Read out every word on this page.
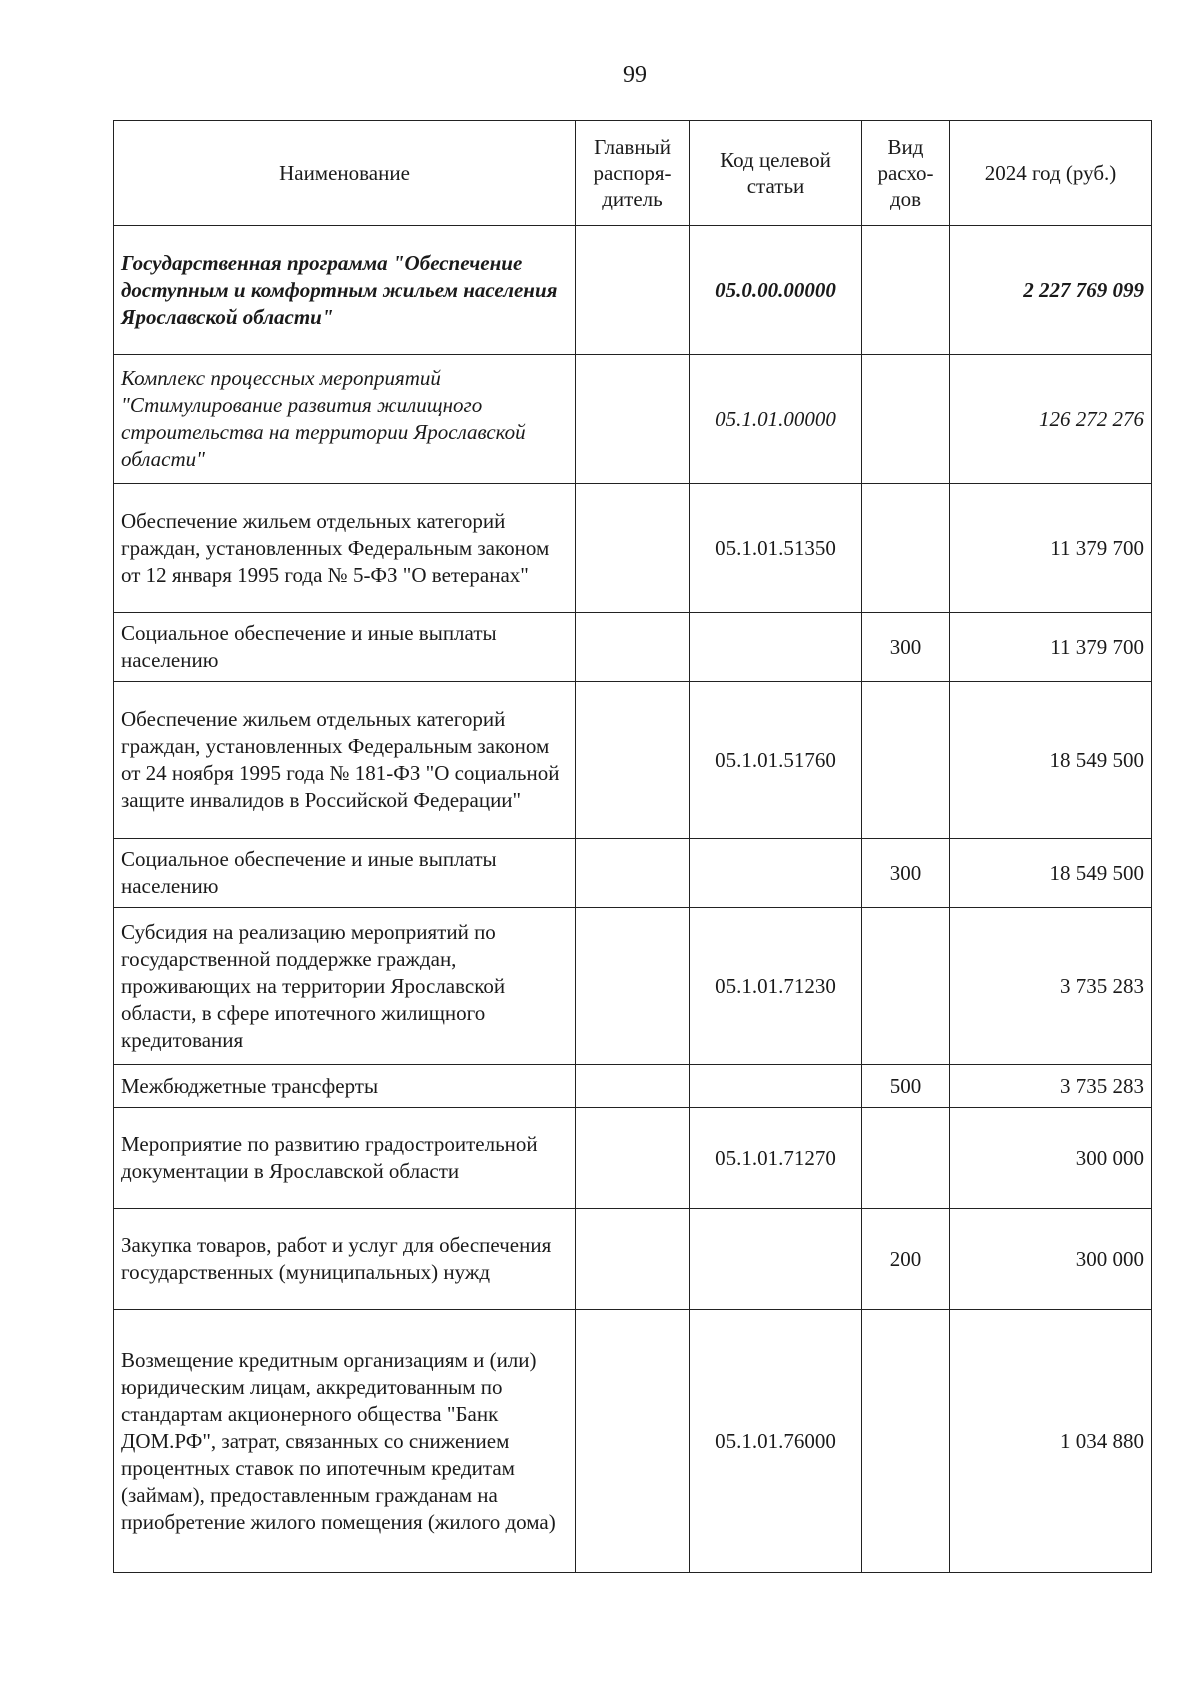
99
Наименование	Главный распоря-дитель	Код целевой статьи	Вид расхо-дов	2024 год (руб.)
Государственная программа "Обеспечение доступным и комфортным жильем населения Ярославской области"		05.0.00.00000		2 227 769 099
Комплекс процессных мероприятий "Стимулирование развития жилищного строительства на территории Ярославской области"		05.1.01.00000		126 272 276
Обеспечение жильем отдельных категорий граждан, установленных Федеральным законом от 12 января 1995 года № 5-ФЗ "О ветеранах"		05.1.01.51350		11 379 700
Социальное обеспечение и иные выплаты населению			300	11 379 700
Обеспечение жильем отдельных категорий граждан, установленных Федеральным законом от 24 ноября 1995 года № 181-ФЗ "О социальной защите инвалидов в Российской Федерации"		05.1.01.51760		18 549 500
Социальное обеспечение и иные выплаты населению			300	18 549 500
Субсидия на реализацию мероприятий по государственной поддержке граждан, проживающих на территории Ярославской области, в сфере ипотечного жилищного кредитования		05.1.01.71230		3 735 283
Межбюджетные трансферты			500	3 735 283
Мероприятие по развитию градостроительной документации в Ярославской области		05.1.01.71270		300 000
Закупка товаров, работ и услуг для обеспечения государственных (муниципальных) нужд			200	300 000
Возмещение кредитным организациям и (или) юридическим лицам, аккредитованным по стандартам акционерного общества "Банк ДОМ.РФ", затрат, связанных со снижением процентных ставок по ипотечным кредитам (займам), предоставленным гражданам на приобретение жилого помещения (жилого дома)		05.1.01.76000		1 034 880
